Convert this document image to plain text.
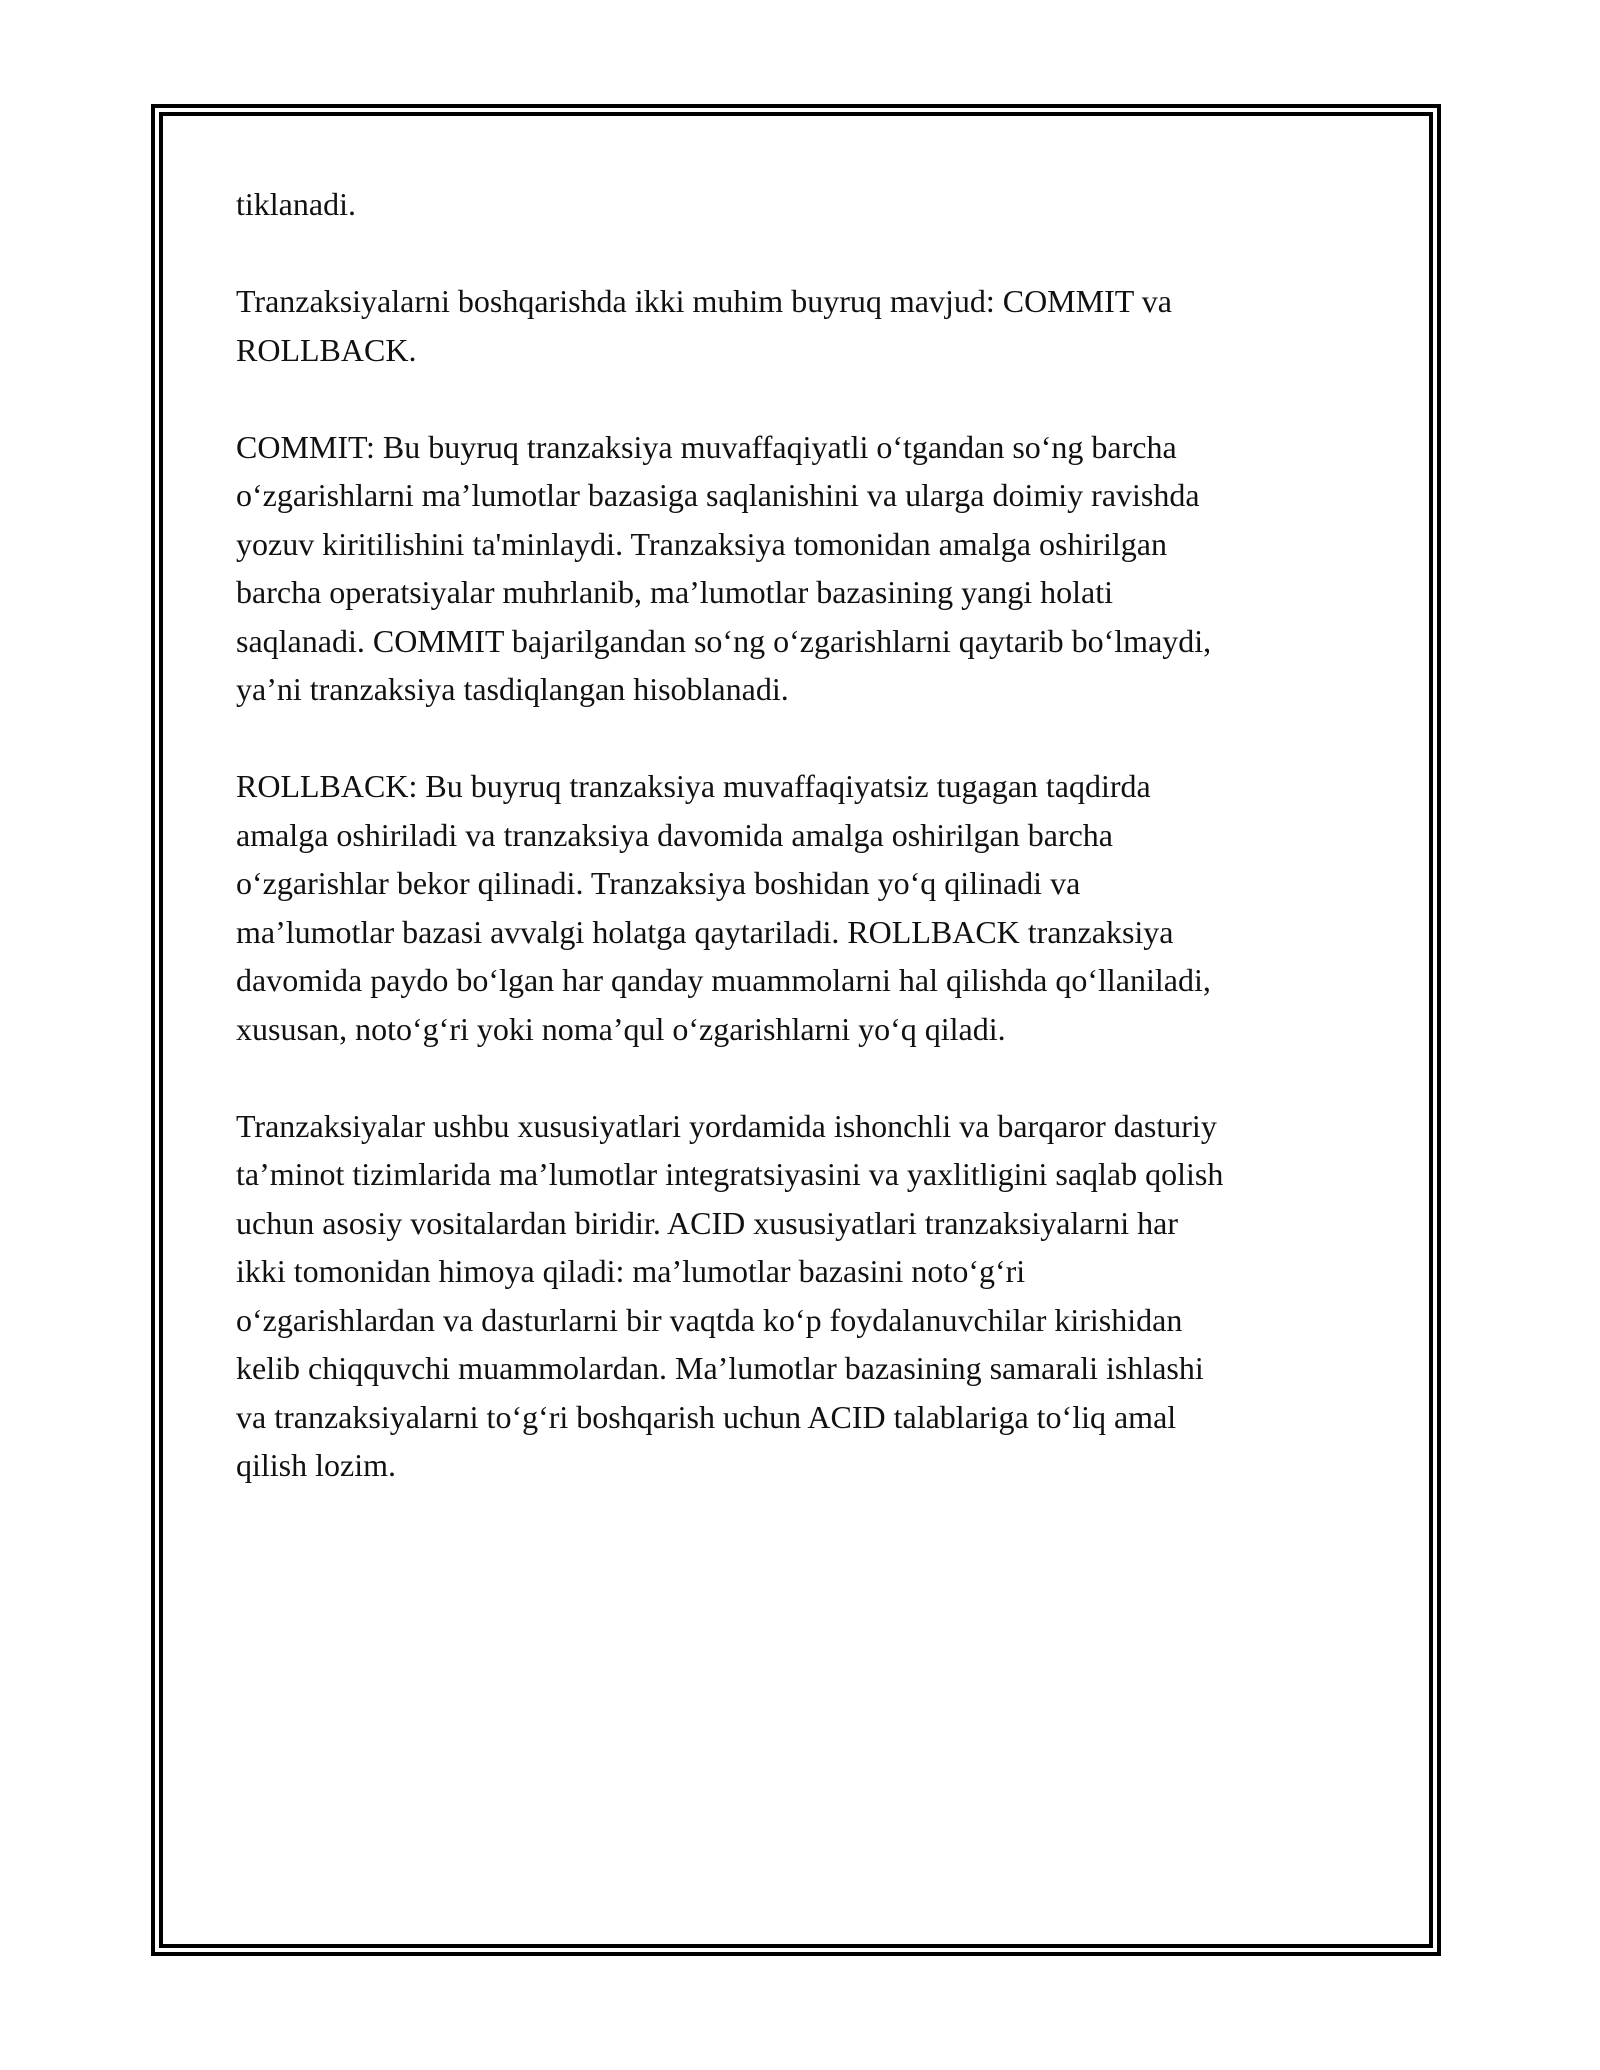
tiklanadi.

Tranzaksiyalarni boshqarishda ikki muhim buyruq mavjud: COMMIT va
ROLLBACK.

COMMIT: Bu buyruq tranzaksiya muvaffaqiyatli o‘tgandan so‘ng barcha
o‘zgarishlarni ma’lumotlar bazasiga saqlanishini va ularga doimiy ravishda
yozuv kiritilishini ta'minlaydi. Tranzaksiya tomonidan amalga oshirilgan
barcha operatsiyalar muhrlanib, ma’lumotlar bazasining yangi holati
saqlanadi. COMMIT bajarilgandan so‘ng o‘zgarishlarni qaytarib bo‘lmaydi,
ya’ni tranzaksiya tasdiqlangan hisoblanadi.

ROLLBACK: Bu buyruq tranzaksiya muvaffaqiyatsiz tugagan taqdirda
amalga oshiriladi va tranzaksiya davomida amalga oshirilgan barcha
o‘zgarishlar bekor qilinadi. Tranzaksiya boshidan yo‘q qilinadi va
ma’lumotlar bazasi avvalgi holatga qaytariladi. ROLLBACK tranzaksiya
davomida paydo bo‘lgan har qanday muammolarni hal qilishda qo‘llaniladi,
xususan, noto‘g‘ri yoki noma’qul o‘zgarishlarni yo‘q qiladi.

Tranzaksiyalar ushbu xususiyatlari yordamida ishonchli va barqaror dasturiy
ta’minot tizimlarida ma’lumotlar integratsiyasini va yaxlitligini saqlab qolish
uchun asosiy vositalardan biridir. ACID xususiyatlari tranzaksiyalarni har
ikki tomonidan himoya qiladi: ma’lumotlar bazasini noto‘g‘ri
o‘zgarishlardan va dasturlarni bir vaqtda ko‘p foydalanuvchilar kirishidan
kelib chiqquvchi muammolardan. Ma’lumotlar bazasining samarali ishlashi
va tranzaksiyalarni to‘g‘ri boshqarish uchun ACID talablariga to‘liq amal
qilish lozim.
